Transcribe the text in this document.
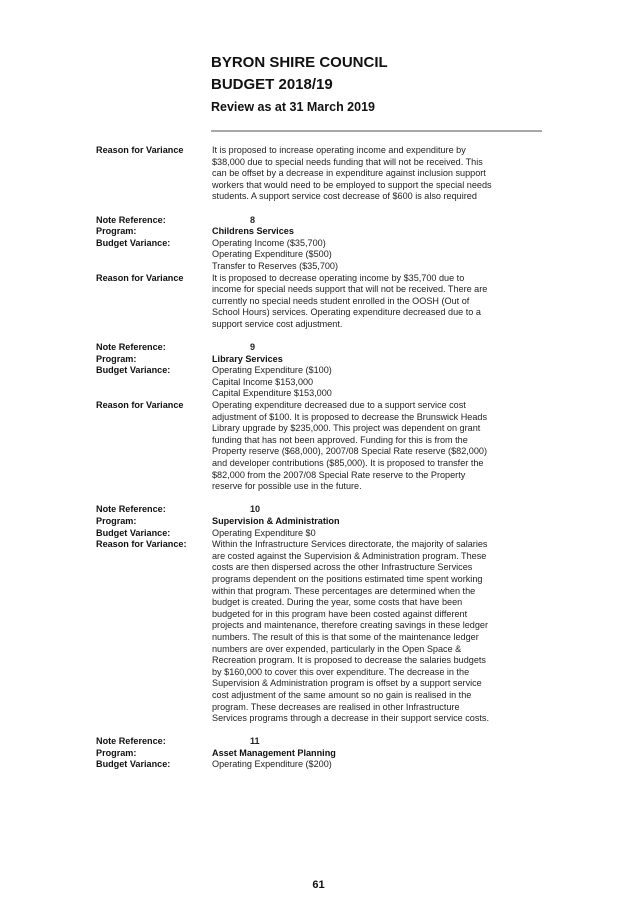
BYRON SHIRE COUNCIL
BUDGET 2018/19
Review as at 31 March 2019
Reason for Variance	It is proposed to increase operating income and expenditure by
$38,000 due to special needs funding that will not be received. This
can be offset by a decrease in expenditure against inclusion support
workers that would need to be employed to support the special needs
students. A support service cost decrease of $600 is also required
Note Reference:	8
Program:	Childrens Services
Budget Variance:	Operating Income ($35,700)
Operating Expenditure ($500)
Transfer to Reserves ($35,700)
Reason for Variance	It is proposed to decrease operating income by $35,700 due to
income for special needs support that will not be received. There are
currently no special needs student enrolled in the OOSH (Out of
School Hours) services. Operating expenditure decreased due to a
support service cost adjustment.
Note Reference:	9
Program:	Library Services
Budget Variance:	Operating Expenditure ($100)
Capital Income $153,000
Capital Expenditure $153,000
Reason for Variance	Operating expenditure decreased due to a support service cost
adjustment of $100. It is proposed to decrease the Brunswick Heads
Library upgrade by $235,000. This project was dependent on grant
funding that has not been approved. Funding for this is from the
Property reserve ($68,000), 2007/08 Special Rate reserve ($82,000)
and developer contributions ($85,000). It is proposed to transfer the
$82,000 from the 2007/08 Special Rate reserve to the Property
reserve for possible use in the future.
Note Reference:	10
Program:	Supervision & Administration
Budget Variance:	Operating Expenditure $0
Reason for Variance:	Within the Infrastructure Services directorate, the majority of salaries
are costed against the Supervision & Administration program. These
costs are then dispersed across the other Infrastructure Services
programs dependent on the positions estimated time spent working
within that program. These percentages are determined when the
budget is created. During the year, some costs that have been
budgeted for in this program have been costed against different
projects and maintenance, therefore creating savings in these ledger
numbers. The result of this is that some of the maintenance ledger
numbers are over expended, particularly in the Open Space &
Recreation program. It is proposed to decrease the salaries budgets
by $160,000 to cover this over expenditure. The decrease in the
Supervision & Administration program is offset by a support service
cost adjustment of the same amount so no gain is realised in the
program. These decreases are realised in other Infrastructure
Services programs through a decrease in their support service costs.
Note Reference:	11
Program:	Asset Management Planning
Budget Variance:	Operating Expenditure ($200)
61
